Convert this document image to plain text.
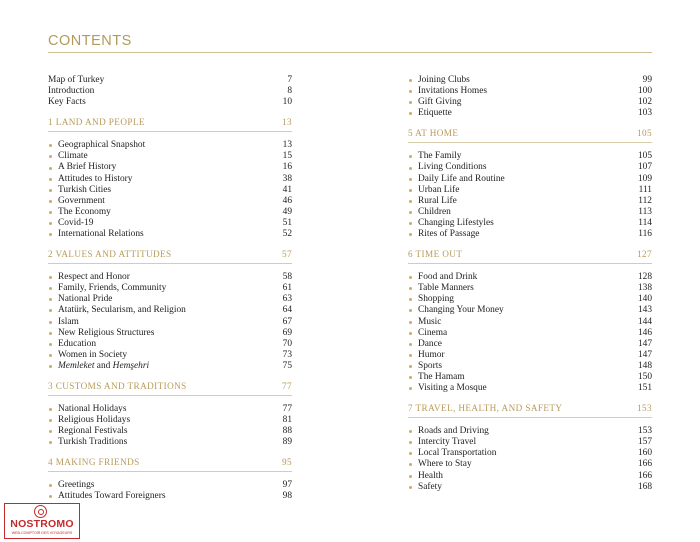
CONTENTS
Map of Turkey	7
Introduction	8
Key Facts	10
1 LAND AND PEOPLE	13
Geographical Snapshot	13
Climate	15
A Brief History	16
Attitudes to History	38
Turkish Cities	41
Government	46
The Economy	49
Covid-19	51
International Relations	52
2 VALUES AND ATTITUDES	57
Respect and Honor	58
Family, Friends, Community	61
National Pride	63
Atatürk, Secularism, and Religion	64
Islam	67
New Religious Structures	69
Education	70
Women in Society	73
Memleket and Hemşehri	75
3 CUSTOMS AND TRADITIONS	77
National Holidays	77
Religious Holidays	81
Regional Festivals	88
Turkish Traditions	89
4 MAKING FRIENDS	95
Greetings	97
Attitudes Toward Foreigners	98
Joining Clubs	99
Invitations Homes	100
Gift Giving	102
Etiquette	103
5 AT HOME	105
The Family	105
Living Conditions	107
Daily Life and Routine	109
Urban Life	111
Rural Life	112
Children	113
Changing Lifestyles	114
Rites of Passage	116
6 TIME OUT	127
Food and Drink	128
Table Manners	138
Shopping	140
Changing Your Money	143
Music	144
Cinema	146
Dance	147
Humor	147
Sports	148
The Hamam	150
Visiting a Mosque	151
7 TRAVEL, HEALTH, AND SAFETY	153
Roads and Driving	153
Intercity Travel	157
Local Transportation	160
Where to Stay	166
Health	166
Safety	168
NOSTROMO
WEB-COMPTOIR DES VOYAGEURS
